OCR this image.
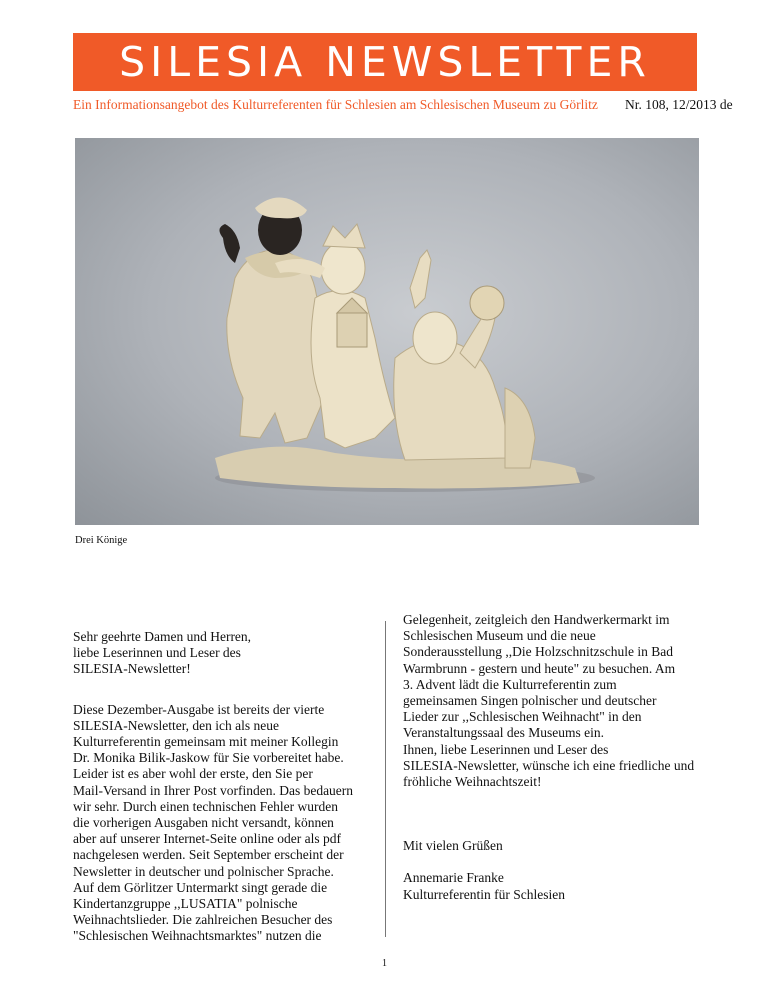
SILESIA NEWSLETTER
Ein Informationsangebot des Kulturreferenten für Schlesien am Schlesischen Museum zu Görlitz Nr. 108, 12/2013 de
Drei Könige

Sehr geehrte Damen und Herren,

liebe Leserinnen und Leser des

SILESIA-Newsletter!

Diese Dezember-Ausgabe ist bereits der vierte

SILESIA-Newsletter, den ich als neue

Kulturreferentin gemeinsam mit meiner Kollegin

Dr. Monika Bilik-Jaskow für Sie vorbereitet habe.

Leider ist es aber wohl der erste, den Sie per

Mail-Versand in Ihrer Post vorfinden. Das bedauern

wir sehr. Durch einen technischen Fehler wurden

die vorherigen Ausgaben nicht versandt, können

aber auf unserer Internet-Seite online oder als pdf

nachgelesen werden. Seit September erscheint der

Newsletter in deutscher und polnischer Sprache.

Auf dem Görlitzer Untermarkt singt gerade die

Kindertanzgruppe ,,LUSATIA" polnische

Weihnachtslieder. Die zahlreichen Besucher des

"Schlesischen Weihnachtsmarktes" nutzen die

Gelegenheit, zeitgleich den Handwerkermarkt im

Schlesischen Museum und die neue

Sonderausstellung ,,Die Holzschnitzschule in Bad

Warmbrunn - gestern und heute" zu besuchen. Am

3. Advent lädt die Kulturreferentin zum

gemeinsamen Singen polnischer und deutscher

Lieder zur ,,Schlesischen Weihnacht" in den

Veranstaltungssaal des Museums ein.

Ihnen, liebe Leserinnen und Leser des

SILESIA-Newsletter, wünsche ich eine friedliche und

fröhliche Weihnachtszeit!

Mit vielen Grüßen

Annemarie Franke

Kulturreferentin für Schlesien

1
